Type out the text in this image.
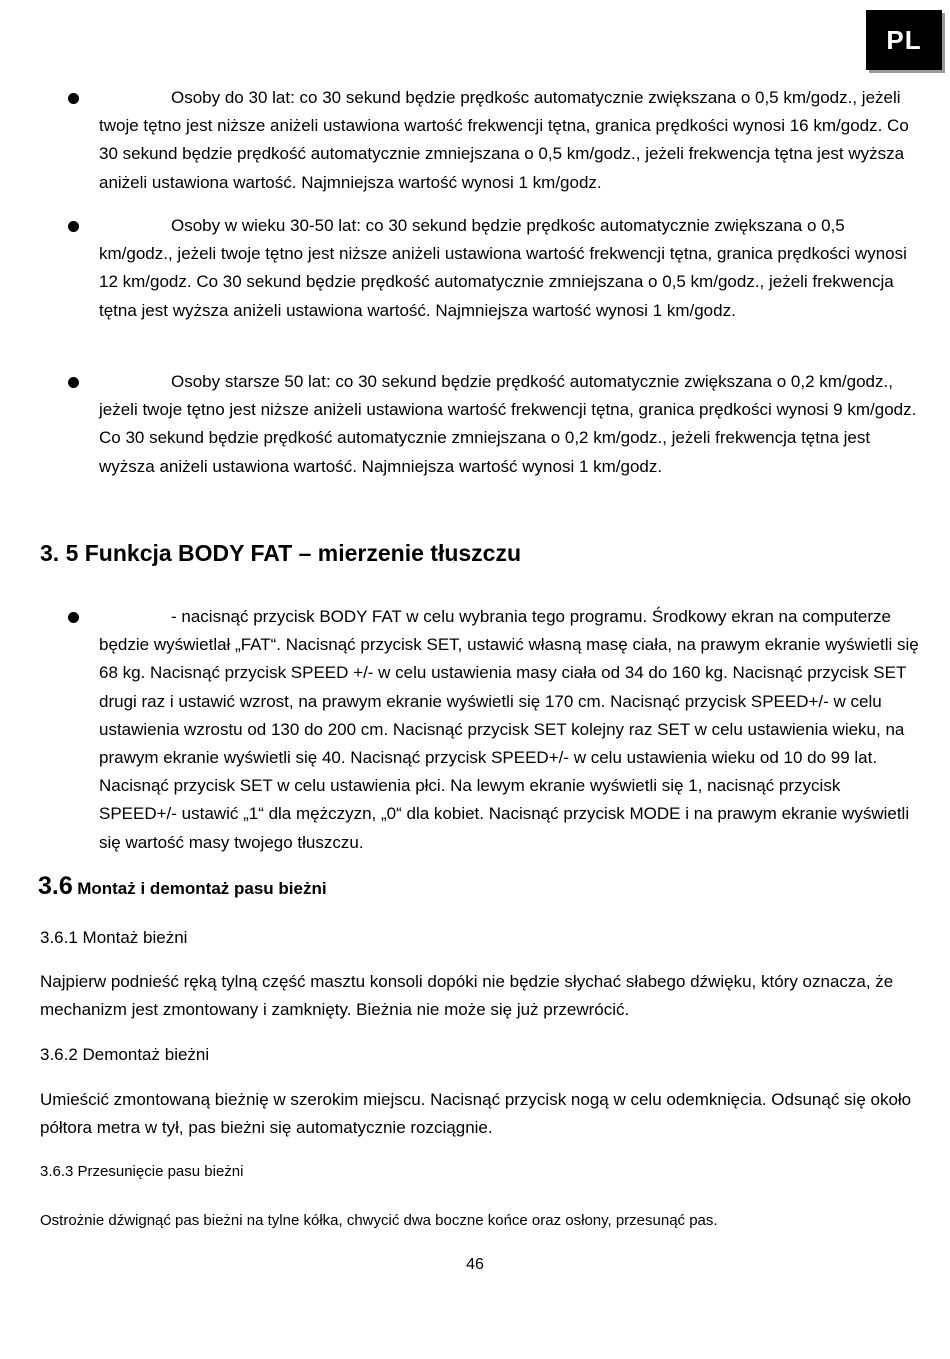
PL
Osoby do 30 lat: co 30 sekund będzie prędkośc automatycznie zwiększana o 0,5 km/godz., jeżeli twoje tętno jest niższe aniżeli ustawiona wartość frekwencji tętna, granica prędkości wynosi 16 km/godz. Co 30 sekund będzie prędkość automatycznie zmniejszana o 0,5 km/godz., jeżeli frekwencja tętna jest wyższa aniżeli ustawiona wartość. Najmniejsza wartość wynosi 1 km/godz.
Osoby w wieku 30-50 lat: co 30 sekund będzie prędkośc automatycznie zwiększana o 0,5 km/godz., jeżeli twoje tętno jest niższe aniżeli ustawiona wartość frekwencji tętna, granica prędkości wynosi 12 km/godz. Co 30 sekund będzie prędkość automatycznie zmniejszana o 0,5 km/godz., jeżeli frekwencja tętna jest wyższa aniżeli ustawiona wartość. Najmniejsza wartość wynosi 1 km/godz.
Osoby starsze 50 lat: co 30 sekund będzie prędkość automatycznie zwiększana o 0,2 km/godz., jeżeli twoje tętno jest niższe aniżeli ustawiona wartość frekwencji tętna, granica prędkości wynosi 9 km/godz. Co 30 sekund będzie prędkość automatycznie zmniejszana o 0,2 km/godz., jeżeli frekwencja tętna jest wyższa aniżeli ustawiona wartość. Najmniejsza wartość wynosi 1 km/godz.
3. 5 Funkcja BODY FAT – mierzenie tłuszczu
- nacisnąć przycisk BODY FAT w celu wybrania tego programu. Środkowy ekran na computerze będzie wyświetlał „FAT“. Nacisnąć przycisk SET, ustawić własną masę ciała, na prawym ekranie wyświetli się 68 kg. Nacisnąć przycisk SPEED +/- w celu ustawienia masy ciała od 34 do 160 kg. Nacisnąć przycisk SET drugi raz i ustawić wzrost, na prawym ekranie wyświetli się 170 cm. Nacisnąć przycisk SPEED+/- w celu ustawienia wzrostu od 130 do 200 cm. Nacisnąć przycisk SET kolejny raz SET w celu ustawienia wieku, na prawym ekranie wyświetli się 40. Nacisnąć przycisk SPEED+/- w celu ustawienia wieku od 10 do 99 lat. Nacisnąć przycisk SET w celu ustawienia płci. Na lewym ekranie wyświetli się 1, nacisnąć przycisk SPEED+/- ustawić „1“ dla mężczyzn, „0“ dla kobiet. Nacisnąć przycisk MODE i na prawym ekranie wyświetli się wartość masy twojego tłuszczu.
3.6 Montaż i demontaż pasu bieżni
3.6.1 Montaż bieżni
Najpierw podnieść ręką tylną część masztu konsoli dopóki nie będzie słychać słabego dźwięku, który oznacza, że mechanizm jest zmontowany i zamknięty. Bieżnia nie może się już przewrócić.
3.6.2 Demontaż bieżni
Umieścić zmontowaną bieżnię w szerokim miejscu. Nacisnąć przycisk nogą w celu odemknięcia. Odsunąć się około półtora metra w tył, pas bieżni się automatycznie rozciągnie.
3.6.3 Przesunięcie pasu bieżni
Ostrożnie dźwignąć pas bieżni na tylne kółka, chwycić dwa boczne końce oraz osłony, przesunąć pas.
46
